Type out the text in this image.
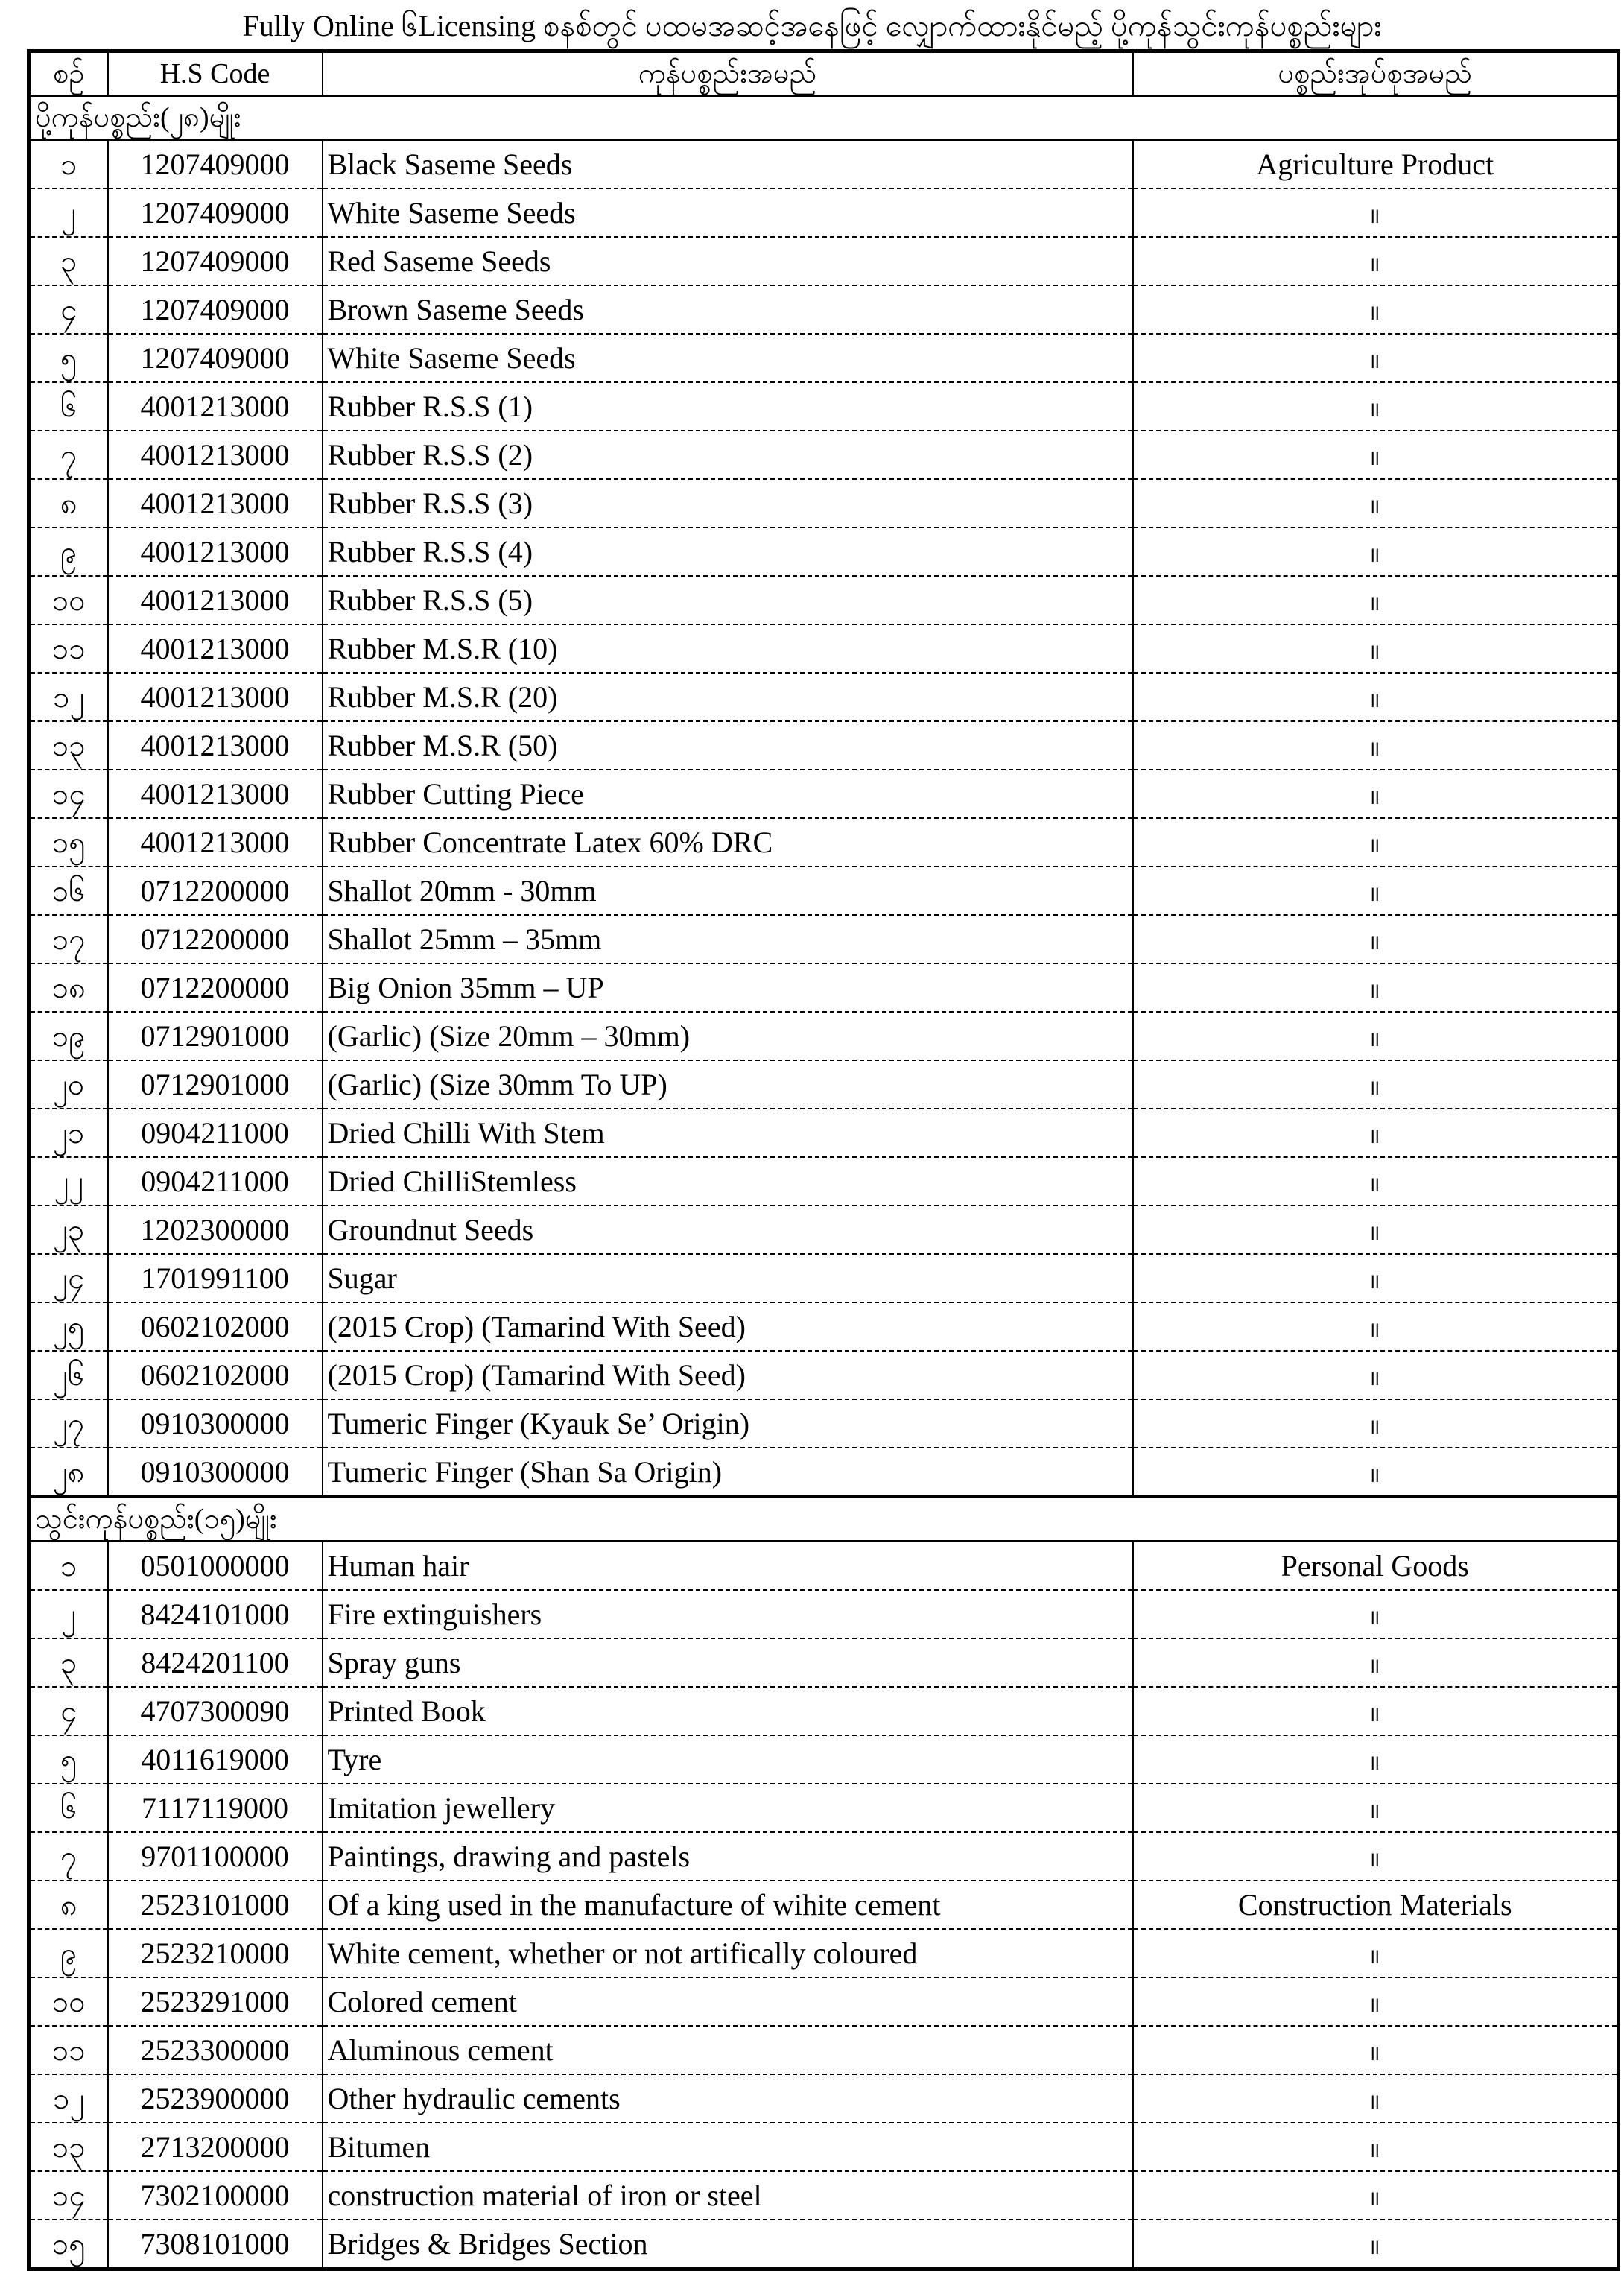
Fully Online ၆Licensing စနစ်တွင် ပထမအဆင့်အနေဖြင့် လျှောက်ထားနိုင်မည့် ပို့ကုန်သွင်းကုန်ပစ္စည်းများ
စဉ်	H.S Code	ကုန်ပစ္စည်းအမည်	ပစ္စည်းအုပ်စုအမည်
ပို့ကုန်ပစ္စည်း(၂၈)မျိုး			
၁	1207409000	Black Saseme Seeds	Agriculture Product
၂	1207409000	White Saseme Seeds	။
၃	1207409000	Red Saseme Seeds	။
၄	1207409000	Brown Saseme Seeds	။
၅	1207409000	White Saseme Seeds	။
၆	4001213000	Rubber R.S.S (1)	။
၇	4001213000	Rubber R.S.S (2)	။
၈	4001213000	Rubber R.S.S (3)	။
၉	4001213000	Rubber R.S.S (4)	။
၁၀	4001213000	Rubber R.S.S (5)	။
၁၁	4001213000	Rubber M.S.R (10)	။
၁၂	4001213000	Rubber M.S.R (20)	။
၁၃	4001213000	Rubber M.S.R (50)	။
၁၄	4001213000	Rubber Cutting Piece	။
၁၅	4001213000	Rubber Concentrate Latex 60% DRC	။
၁၆	0712200000	Shallot 20mm - 30mm	။
၁၇	0712200000	Shallot 25mm – 35mm	။
၁၈	0712200000	Big Onion 35mm – UP	။
၁၉	0712901000	(Garlic) (Size 20mm – 30mm)	။
၂၀	0712901000	(Garlic) (Size 30mm To UP)	။
၂၁	0904211000	Dried Chilli With Stem	။
၂၂	0904211000	Dried ChilliStemless	။
၂၃	1202300000	Groundnut Seeds	။
၂၄	1701991100	Sugar	။
၂၅	0602102000	(2015 Crop) (Tamarind With Seed)	။
၂၆	0602102000	(2015 Crop) (Tamarind With Seed)	။
၂၇	0910300000	Tumeric Finger (Kyauk Se’ Origin)	။
၂၈	0910300000	Tumeric Finger (Shan Sa Origin)	။
သွင်းကုန်ပစ္စည်း(၁၅)မျိုး			
၁	0501000000	Human hair	Personal Goods
၂	8424101000	Fire extinguishers	။
၃	8424201100	Spray guns	။
၄	4707300090	Printed Book	။
၅	4011619000	Tyre	။
၆	7117119000	Imitation jewellery	။
၇	9701100000	Paintings, drawing and pastels	။
၈	2523101000	Of a king used in the manufacture of wihite cement	Construction Materials
၉	2523210000	White cement, whether or not artifically coloured	။
၁၀	2523291000	Colored cement	။
၁၁	2523300000	Aluminous cement	။
၁၂	2523900000	Other hydraulic cements	။
၁၃	2713200000	Bitumen	။
၁၄	7302100000	construction material of iron or steel	။
၁၅	7308101000	Bridges & Bridges Section	။
